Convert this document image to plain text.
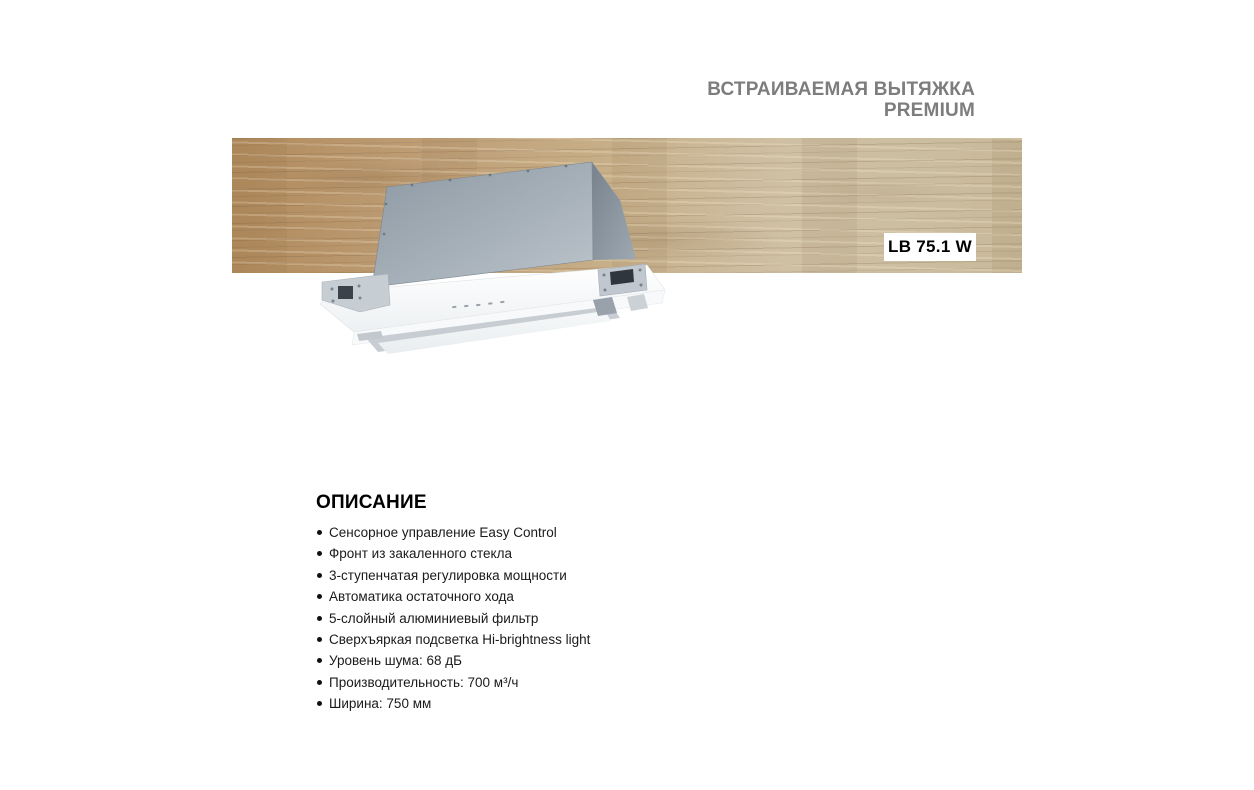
ВСТРАИВАЕМАЯ ВЫТЯЖКА
PREMIUM
LB 75.1 W
ОПИСАНИЕ
Сенсорное управление Easy Control
Фронт из закаленного стекла
3-ступенчатая регулировка мощности
Автоматика остаточного хода
5-слойный алюминиевый фильтр
Сверхъяркая подсветка Hi-brightness light
Уровень шума: 68 дБ
Производительность: 700 м³/ч
Ширина: 750 мм
